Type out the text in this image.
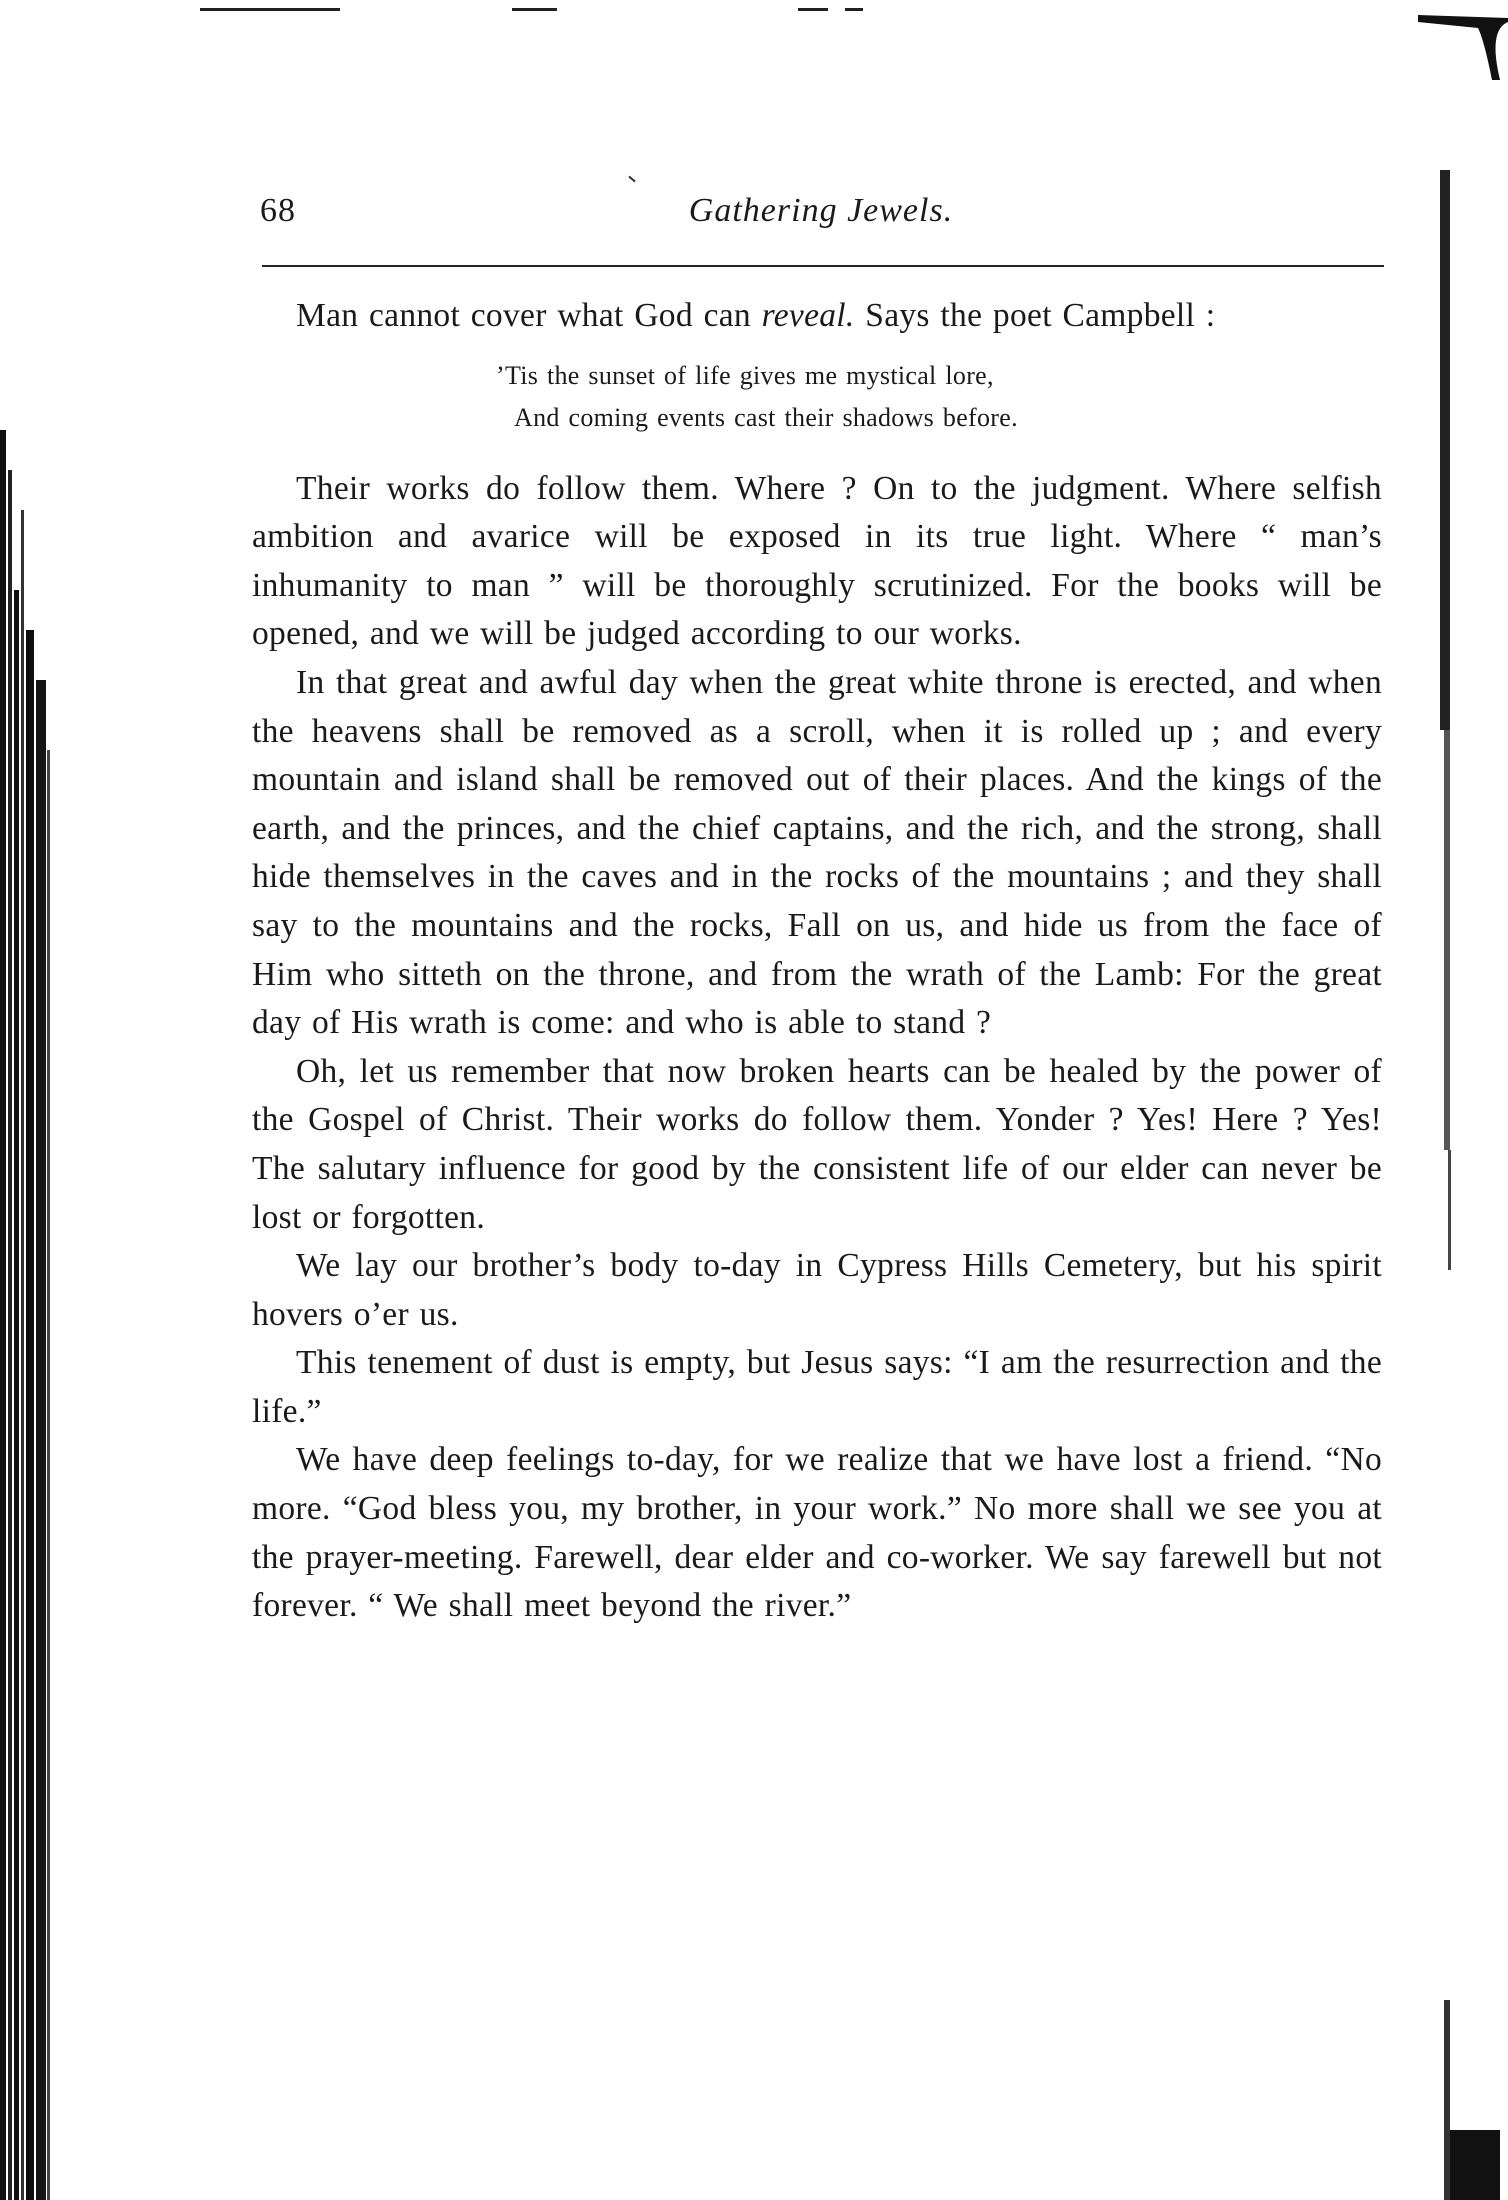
68	Gathering Jewels.

Man cannot cover what God can reveal. Says the poet Campbell :

’Tis the sunset of life gives me mystical lore,
And coming events cast their shadows before.

Their works do follow them. Where ? On to the judgment. Where selfish ambition and avarice will be exposed in its true light. Where “ man’s inhumanity to man ” will be thoroughly scrutinized. For the books will be opened, and we will be judged according to our works.

In that great and awful day when the great white throne is erected, and when the heavens shall be removed as a scroll, when it is rolled up ; and every mountain and island shall be removed out of their places. And the kings of the earth, and the princes, and the chief captains, and the rich, and the strong, shall hide themselves in the caves and in the rocks of the mountains ; and they shall say to the mountains and the rocks, Fall on us, and hide us from the face of Him who sitteth on the throne, and from the wrath of the Lamb: For the great day of His wrath is come: and who is able to stand ?

Oh, let us remember that now broken hearts can be healed by the power of the Gospel of Christ. Their works do follow them. Yonder ? Yes! Here ? Yes! The salutary influence for good by the consistent life of our elder can never be lost or forgotten.

We lay our brother’s body to-day in Cypress Hills Cemetery, but his spirit hovers o’er us.

This tenement of dust is empty, but Jesus says: “I am the resurrection and the life.”

We have deep feelings to-day, for we realize that we have lost a friend. “No more. “God bless you, my brother, in your work.” No more shall we see you at the prayer-meeting. Farewell, dear elder and co-worker. We say farewell but not forever. “ We shall meet beyond the river.”
